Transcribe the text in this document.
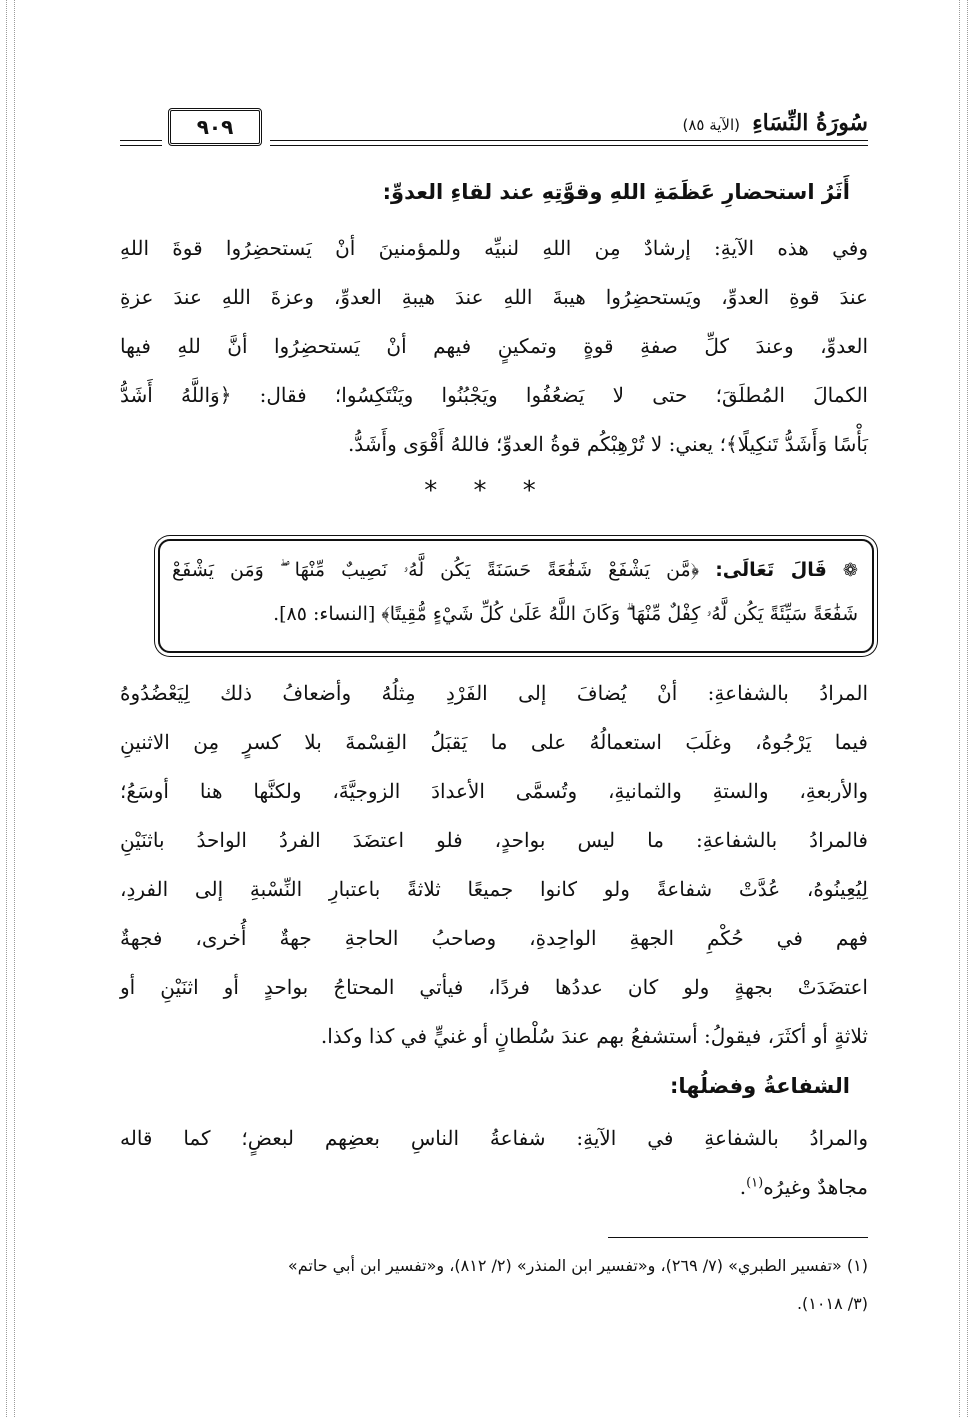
سُورَةُ النِّسَاءِ
(الآية ٨٥)
٩٠٩
أَثَرُ استحضارِ عَظَمَةِ اللهِ وقوَّتِهِ عند لقاءِ العدوِّ:
وفي هذه الآيةِ: إرشادٌ مِن اللهِ لنبيِّه وللمؤمنينَ أنْ يَستحضِرُوا قوةَ اللهِ
عندَ قوةِ العدوِّ، ويَستحضِرُوا هيبةَ اللهِ عندَ هيبةِ العدوِّ، وعزةَ اللهِ عندَ عزةِ
العدوِّ، وعندَ كلِّ صفةِ قوةٍ وتمكينٍ فيهم أنْ يَستحضِرُوا أنَّ للهِ فيها
الكمالَ المُطلَقَ؛ حتى لا يَضعُفُوا ويَجْبُنُوا ويَنْتَكِسُوا؛ فقال: ﴿وَاللَّهُ أَشَدُّ
بَأْسًا وَأَشَدُّ تَنكِيلًا﴾؛ يعني: لا تُرْهِبْكُم قوةُ العدوِّ؛ فاللهُ أَقْوَى وأَشَدُّ.
* * *
❁ قَالَ تَعَالَى: ﴿مَّن يَشْفَعْ شَفَٰعَةً حَسَنَةً يَكُن لَّهُۥ نَصِيبٌ مِّنْهَا ۖ وَمَن يَشْفَعْ
شَفَٰعَةً سَيِّئَةً يَكُن لَّهُۥ كِفْلٌ مِّنْهَا ۗ وَكَانَ اللَّهُ عَلَىٰ كُلِّ شَيْءٍ مُّقِيتًا﴾ [النساء: ٨٥].
المرادُ بالشفاعةِ: أنْ يُضافَ إلى الفَرْدِ مِثلُهُ وأضعافُ ذلك لِيَعْضُدُوهُ
فيما يَرْجُوهُ، وغلَبَ استعمالُهُ على ما يَقبَلُ القِسْمةَ بلا كسرٍ مِن الاثنينِ
والأربعةِ، والستةِ والثمانيةِ، وتُسمَّى الأعدادَ الزوجيَّةَ، ولكنَّها هنا أوسَعُ؛
فالمرادُ بالشفاعةِ: ما ليس بواحدٍ، فلو اعتضَدَ الفردُ الواحدُ باثنَيْنِ
لِيُعِينُوهُ، عُدَّتْ شفاعةً ولو كانوا جميعًا ثلاثةً باعتبارِ النِّسْبةِ إلى الفردِ،
فهم في حُكْمِ الجهةِ الواحِدةِ، وصاحبُ الحاجةِ جهةٌ أُخرى، فجهةٌ
اعتضَدَتْ بجهةٍ ولو كان عددُها فردًا، فيأتي المحتاجُ بواحدٍ أو اثنَيْنِ أو
ثلاثةٍ أو أكثَرَ، فيقولُ: أستشفعُ بهم عندَ سُلْطانٍ أو غنيٍّ في كذا وكذا.
الشفاعةُ وفضلُها:
والمرادُ بالشفاعةِ في الآيةِ: شفاعةُ الناسِ بعضِهم لبعضٍ؛ كما قاله
مجاهدٌ وغيرُه$^{(١)}$.
(١) «تفسير الطبري» (٧/ ٢٦٩)، و«تفسير ابن المنذر» (٢/ ٨١٢)، و«تفسير ابن أبي حاتم»
(٣/ ١٠١٨).
